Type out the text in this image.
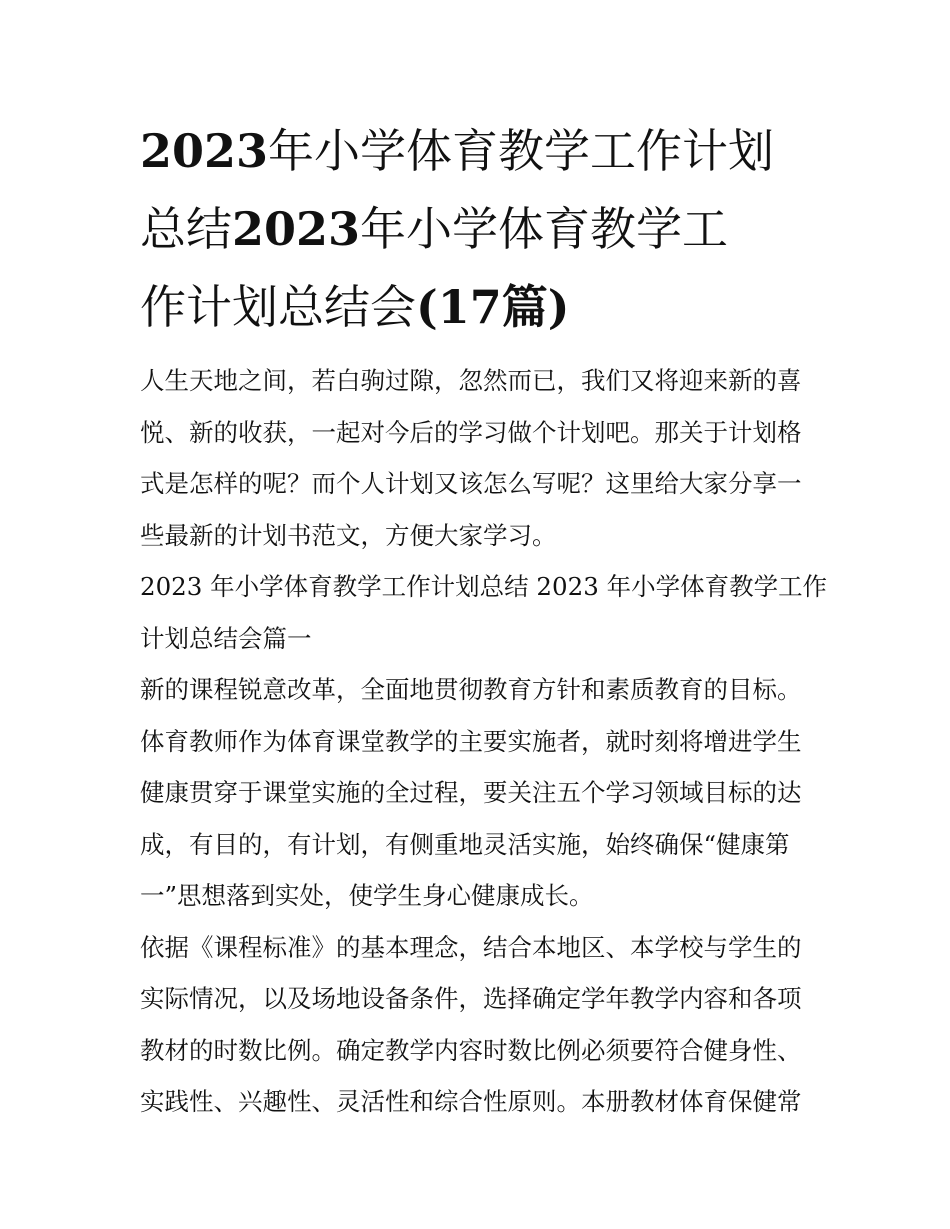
2023年小学体育教学工作计划
总结2023年小学体育教学工
作计划总结会(17篇)
人生天地之间，若白驹过隙，忽然而已，我们又将迎来新的喜
悦、新的收获，一起对今后的学习做个计划吧。那关于计划格
式是怎样的呢？而个人计划又该怎么写呢？这里给大家分享一
些最新的计划书范文，方便大家学习。
2023 年小学体育教学工作计划总结 2023 年小学体育教学工作
计划总结会篇一
新的课程锐意改革，全面地贯彻教育方针和素质教育的目标。
体育教师作为体育课堂教学的主要实施者，就时刻将增进学生
健康贯穿于课堂实施的全过程，要关注五个学习领域目标的达
成，有目的，有计划，有侧重地灵活实施，始终确保“健康第
一”思想落到实处，使学生身心健康成长。
依据《课程标准》的基本理念，结合本地区、本学校与学生的
实际情况，以及场地设备条件，选择确定学年教学内容和各项
教材的时数比例。确定教学内容时数比例必须要符合健身性、
实践性、兴趣性、灵活性和综合性原则。本册教材体育保健常
